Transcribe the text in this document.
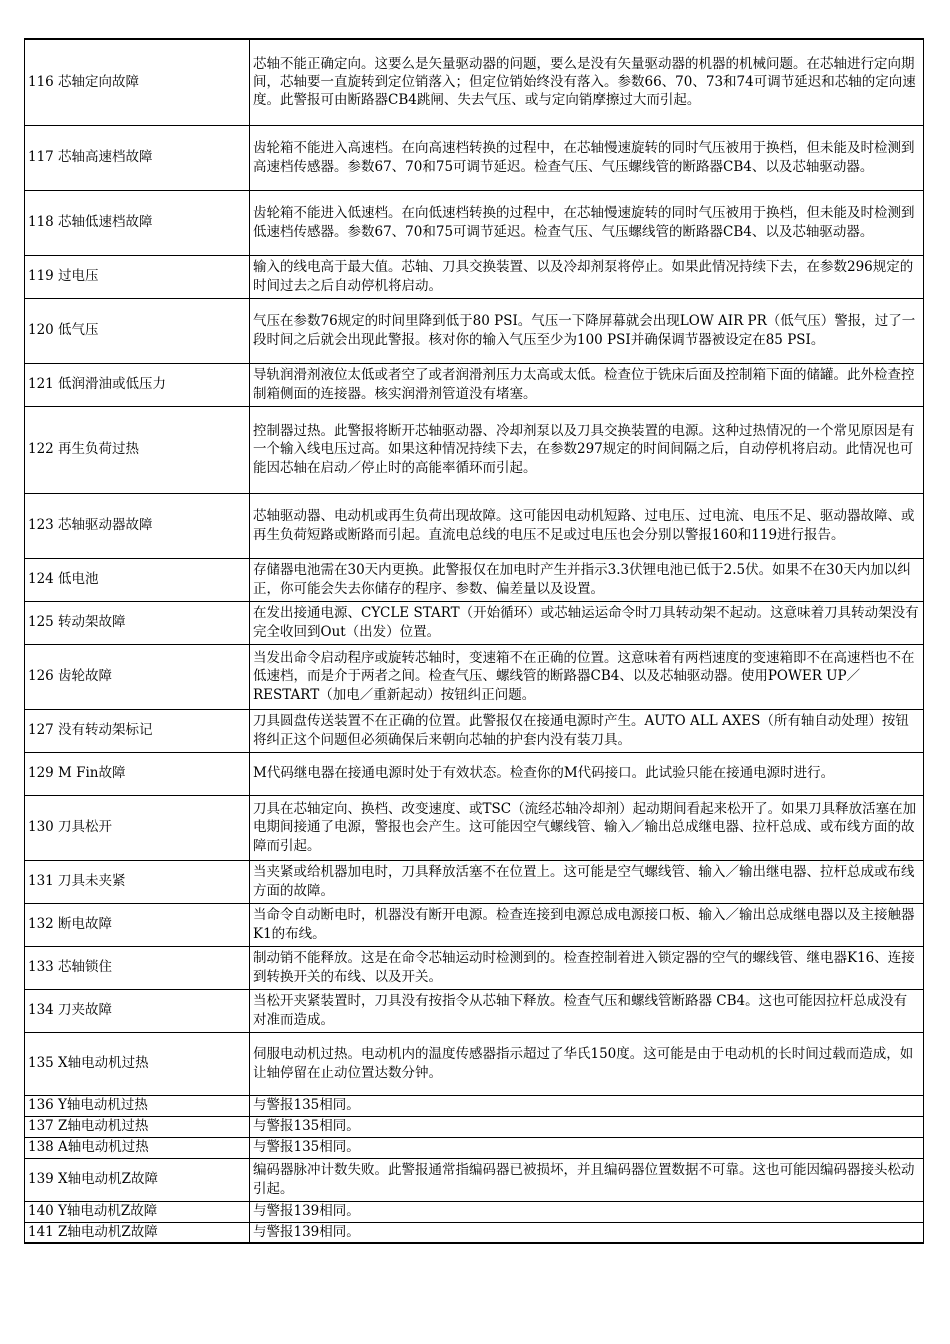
116 芯轴定向故障	芯轴不能正确定向。这要么是矢量驱动器的问题，要么是没有矢量驱动器的机器的机械问题。在芯轴进行定向期间，芯轴要一直旋转到定位销落入；但定位销始终没有落入。参数66、70、73和74可调节延迟和芯轴的定向速度。此警报可由断路器CB4跳闸、失去气压、或与定向销摩擦过大而引起。
117 芯轴高速档故障	齿轮箱不能进入高速档。在向高速档转换的过程中，在芯轴慢速旋转的同时气压被用于换档，但未能及时检测到高速档传感器。参数67、70和75可调节延迟。检查气压、气压螺线管的断路器CB4、以及芯轴驱动器。
118 芯轴低速档故障	齿轮箱不能进入低速档。在向低速档转换的过程中，在芯轴慢速旋转的同时气压被用于换档，但未能及时检测到低速档传感器。参数67、70和75可调节延迟。检查气压、气压螺线管的断路器CB4、以及芯轴驱动器。
119 过电压	输入的线电高于最大值。芯轴、刀具交换装置、以及冷却剂泵将停止。如果此情况持续下去，在参数296规定的时间过去之后自动停机将启动。
120 低气压	气压在参数76规定的时间里降到低于80 PSI。气压一下降屏幕就会出现LOW AIR PR（低气压）警报，过了一段时间之后就会出现此警报。核对你的输入气压至少为100 PSI并确保调节器被设定在85 PSI。
121 低润滑油或低压力	导轨润滑剂液位太低或者空了或者润滑剂压力太高或太低。检查位于铣床后面及控制箱下面的储罐。此外检查控制箱侧面的连接器。核实润滑剂管道没有堵塞。
122 再生负荷过热	控制器过热。此警报将断开芯轴驱动器、冷却剂泵以及刀具交换装置的电源。这种过热情况的一个常见原因是有一个输入线电压过高。如果这种情况持续下去，在参数297规定的时间间隔之后，自动停机将启动。此情况也可能因芯轴在启动／停止时的高能率循环而引起。
123 芯轴驱动器故障	芯轴驱动器、电动机或再生负荷出现故障。这可能因电动机短路、过电压、过电流、电压不足、驱动器故障、或再生负荷短路或断路而引起。直流电总线的电压不足或过电压也会分别以警报160和119进行报告。
124 低电池	存储器电池需在30天内更换。此警报仅在加电时产生并指示3.3伏锂电池已低于2.5伏。如果不在30天内加以纠正，你可能会失去你储存的程序、参数、偏差量以及设置。
125 转动架故障	在发出接通电源、CYCLE START（开始循环）或芯轴运运命令时刀具转动架不起动。这意味着刀具转动架没有完全收回到Out（出发）位置。
126 齿轮故障	当发出命令启动程序或旋转芯轴时，变速箱不在正确的位置。这意味着有两档速度的变速箱即不在高速档也不在低速档，而是介于两者之间。检查气压、螺线管的断路器CB4、以及芯轴驱动器。使用POWER UP／RESTART（加电／重新起动）按钮纠正问题。
127 没有转动架标记	刀具圆盘传送装置不在正确的位置。此警报仅在接通电源时产生。AUTO ALL AXES（所有轴自动处理）按钮将纠正这个问题但必须确保后来朝向芯轴的护套内没有装刀具。
129 M Fin故障	M代码继电器在接通电源时处于有效状态。检查你的M代码接口。此试验只能在接通电源时进行。
130 刀具松开	刀具在芯轴定向、换档、改变速度、或TSC（流经芯轴冷却剂）起动期间看起来松开了。如果刀具释放活塞在加电期间接通了电源，警报也会产生。这可能因空气螺线管、输入／输出总成继电器、拉杆总成、或布线方面的故障而引起。
131 刀具未夹紧	当夹紧或给机器加电时，刀具释放活塞不在位置上。这可能是空气螺线管、输入／输出继电器、拉杆总成或布线方面的故障。
132 断电故障	当命令自动断电时，机器没有断开电源。检查连接到电源总成电源接口板、输入／输出总成继电器以及主接触器K1的布线。
133 芯轴锁住	制动销不能释放。这是在命令芯轴运动时检测到的。检查控制着进入锁定器的空气的螺线管、继电器K16、连接到转换开关的布线、以及开关。
134 刀夹故障	当松开夹紧装置时，刀具没有按指令从芯轴下释放。检查气压和螺线管断路器 CB4。这也可能因拉杆总成没有对准而造成。
135 X轴电动机过热	伺服电动机过热。电动机内的温度传感器指示超过了华氏150度。这可能是由于电动机的长时间过载而造成，如让轴停留在止动位置达数分钟。
136 Y轴电动机过热	与警报135相同。
137 Z轴电动机过热	与警报135相同。
138 A轴电动机过热	与警报135相同。
139 X轴电动机Z故障	编码器脉冲计数失败。此警报通常指编码器已被损坏，并且编码器位置数据不可靠。这也可能因编码器接头松动引起。
140 Y轴电动机Z故障	与警报139相同。
141 Z轴电动机Z故障	与警报139相同。
